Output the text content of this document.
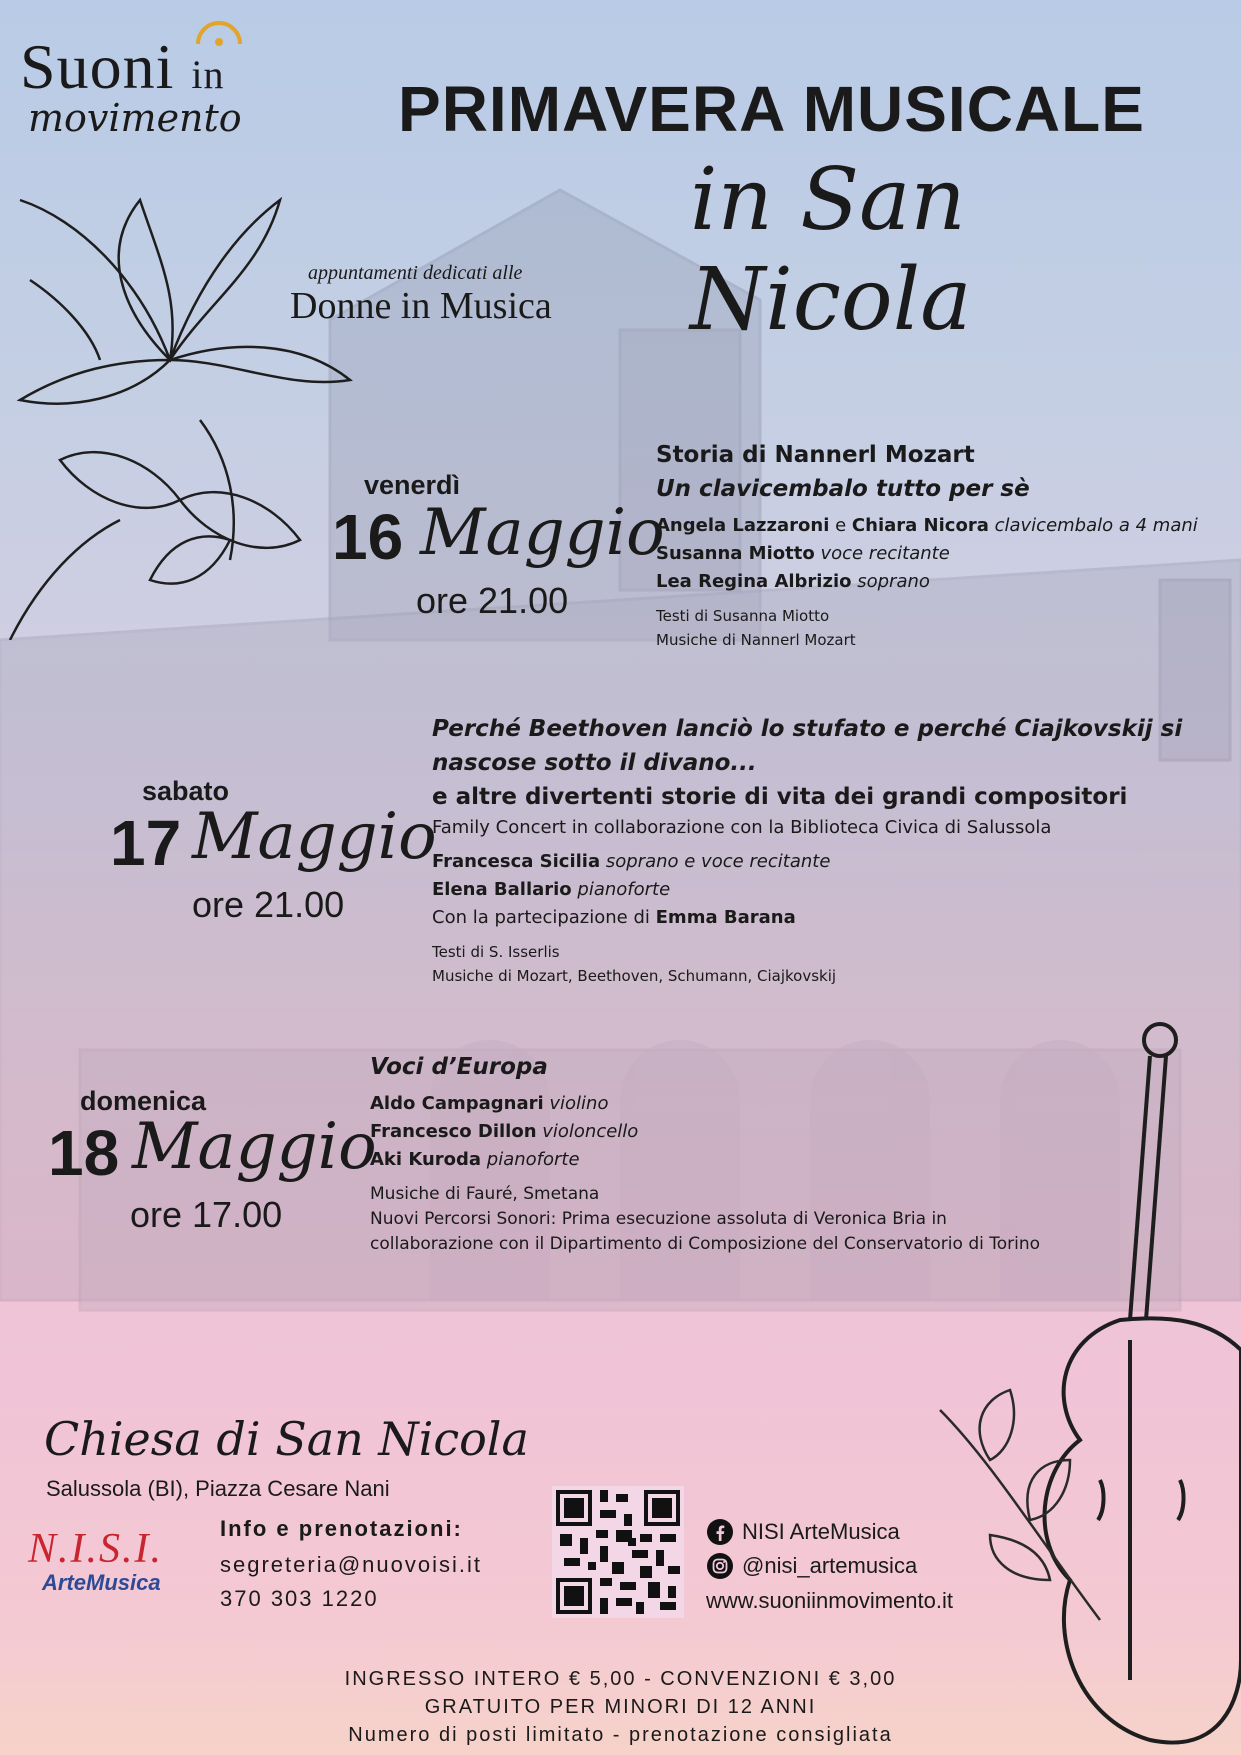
Suoni in
movimento PRIMAVERA MUSICALE
in San Nicola
appuntamenti dedicati alle
Donne in Musica
venerdì
16 Maggio
ore 21.00
Storia di Nannerl Mozart
Un clavicembalo tutto per sè
Angela Lazzaroni e Chiara Nicora clavicembalo a 4 mani
Susanna Miotto voce recitante
Lea Regina Albrizio soprano
Testi di Susanna Miotto
Musiche di Nannerl Mozart
sabato
17 Maggio
ore 21.00
Perché Beethoven lanciò lo stufato e perché Ciajkovskij si
nascose sotto il divano...
e altre divertenti storie di vita dei grandi compositori
Family Concert in collaborazione con la Biblioteca Civica di Salussola
Francesca Sicilia soprano e voce recitante
Elena Ballario pianoforte
Con la partecipazione di Emma Barana
Testi di S. Isserlis
Musiche di Mozart, Beethoven, Schumann, Ciajkovskij
domenica
18 Maggio
ore 17.00
Voci d’Europa
Aldo Campagnari violino
Francesco Dillon violoncello
Aki Kuroda pianoforte
Musiche di Fauré, Smetana
Nuovi Percorsi Sonori: Prima esecuzione assoluta di Veronica Bria in
collaborazione con il Dipartimento di Composizione del Conservatorio di Torino
Chiesa di San Nicola
Salussola (BI), Piazza Cesare Nani
N.I.S.I.
ArteMusica
Info e prenotazioni:
segreteria@nuovoisi.it
370 303 1220
NISI ArteMusica
@nisi_artemusica
www.suoniinmovimento.it
INGRESSO INTERO € 5,00 - CONVENZIONI € 3,00
GRATUITO PER MINORI DI 12 ANNI
Numero di posti limitato - prenotazione consigliata
